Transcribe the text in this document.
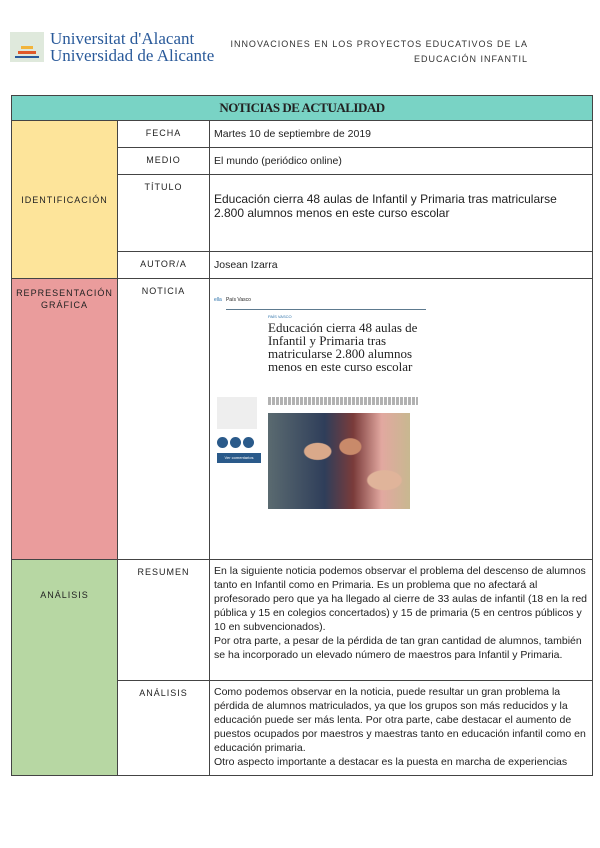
Universitat d'Alacant
Universidad de Alicante
INNOVACIONES EN LOS PROYECTOS EDUCATIVOS DE LA
EDUCACIÓN INFANTIL
NOTICIAS DE ACTUALIDAD		
IDENTIFICACIÓN	FECHA	Martes 10 de septiembre de 2019
	MEDIO	El mundo (periódico online)
	TÍTULO	Educación cierra 48 aulas de Infantil y Primaria tras matricularse 2.800 alumnos menos en este curso escolar
	AUTOR/A	Josean Izarra
REPRESENTACIÓN GRÁFICA	NOTICIA	ella País Vasco
PAÍS VASCO
Educación cierra 48 aulas de Infantil y Primaria tras matricularse 2.800 alumnos menos en este curso escolar
Ver comentarios

ANÁLISIS	RESUMEN	En la siguiente noticia podemos observar el problema del descenso de alumnos tanto en Infantil como en Primaria. Es un problema que no afectará al profesorado pero que ya ha llegado al cierre de 33 aulas de infantil (18 en la red pública y 15 en colegios concertados) y 15 de primaria (5 en centros públicos y 10 en subvencionados).
Por otra parte, a pesar de la pérdida de tan gran cantidad de alumnos, también se ha incorporado un elevado número de maestros para Infantil y Primaria.

	ANÁLISIS	Como podemos observar en la noticia, puede resultar un gran problema la pérdida de alumnos matriculados, ya que los grupos son más reducidos y la educación puede ser más lenta. Por otra parte, cabe destacar el aumento de puestos ocupados por maestros y maestras tanto en educación infantil como en educación primaria.
Otro aspecto importante a destacar es la puesta en marcha de experiencias
